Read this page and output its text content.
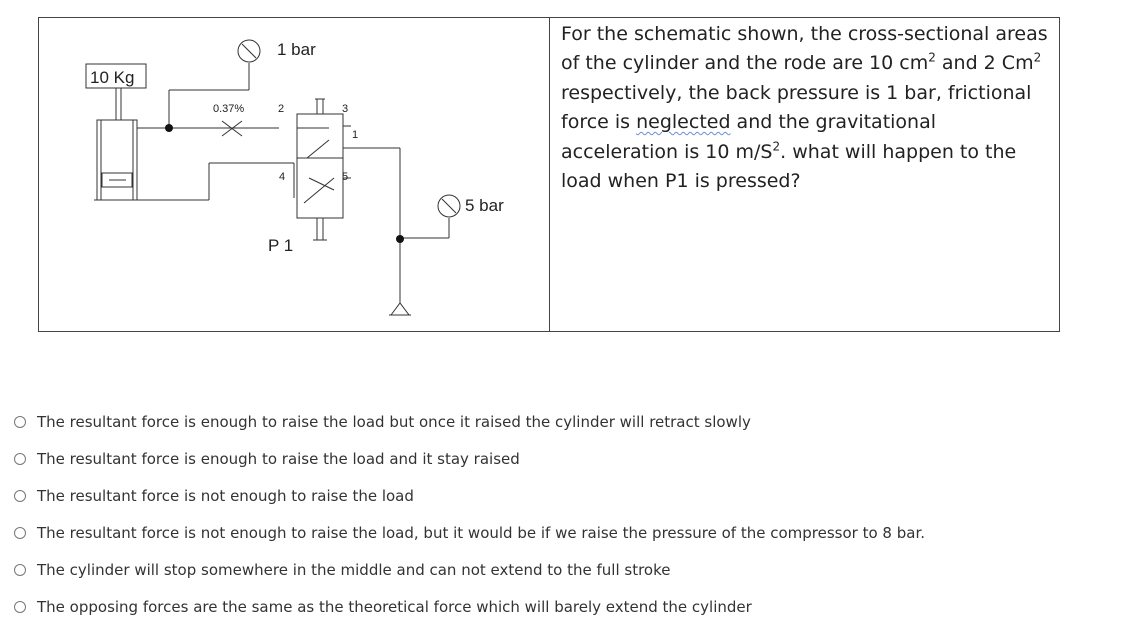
10 Kg
1 bar
5 bar
0.37%	2	3
1
4	5
P 1

For the schematic shown, the cross-sectional areas of the cylinder and the rode are 10 $cm^2$ and 2 Cm$^2$ respectively, the back pressure is 1 bar, frictional force is neglected and the gravitational acceleration is 10 $m/S^2$. what will happen to the load when P1 is pressed?

The resultant force is enough to raise the load but once it raised the cylinder will retract slowly
The resultant force is enough to raise the load and it stay raised
The resultant force is not enough to raise the load
The resultant force is not enough to raise the load, but it would be if we raise the pressure of the compressor to 8 bar.
The cylinder will stop somewhere in the middle and can not extend to the full stroke
The opposing forces are the same as the theoretical force which will barely extend the cylinder
